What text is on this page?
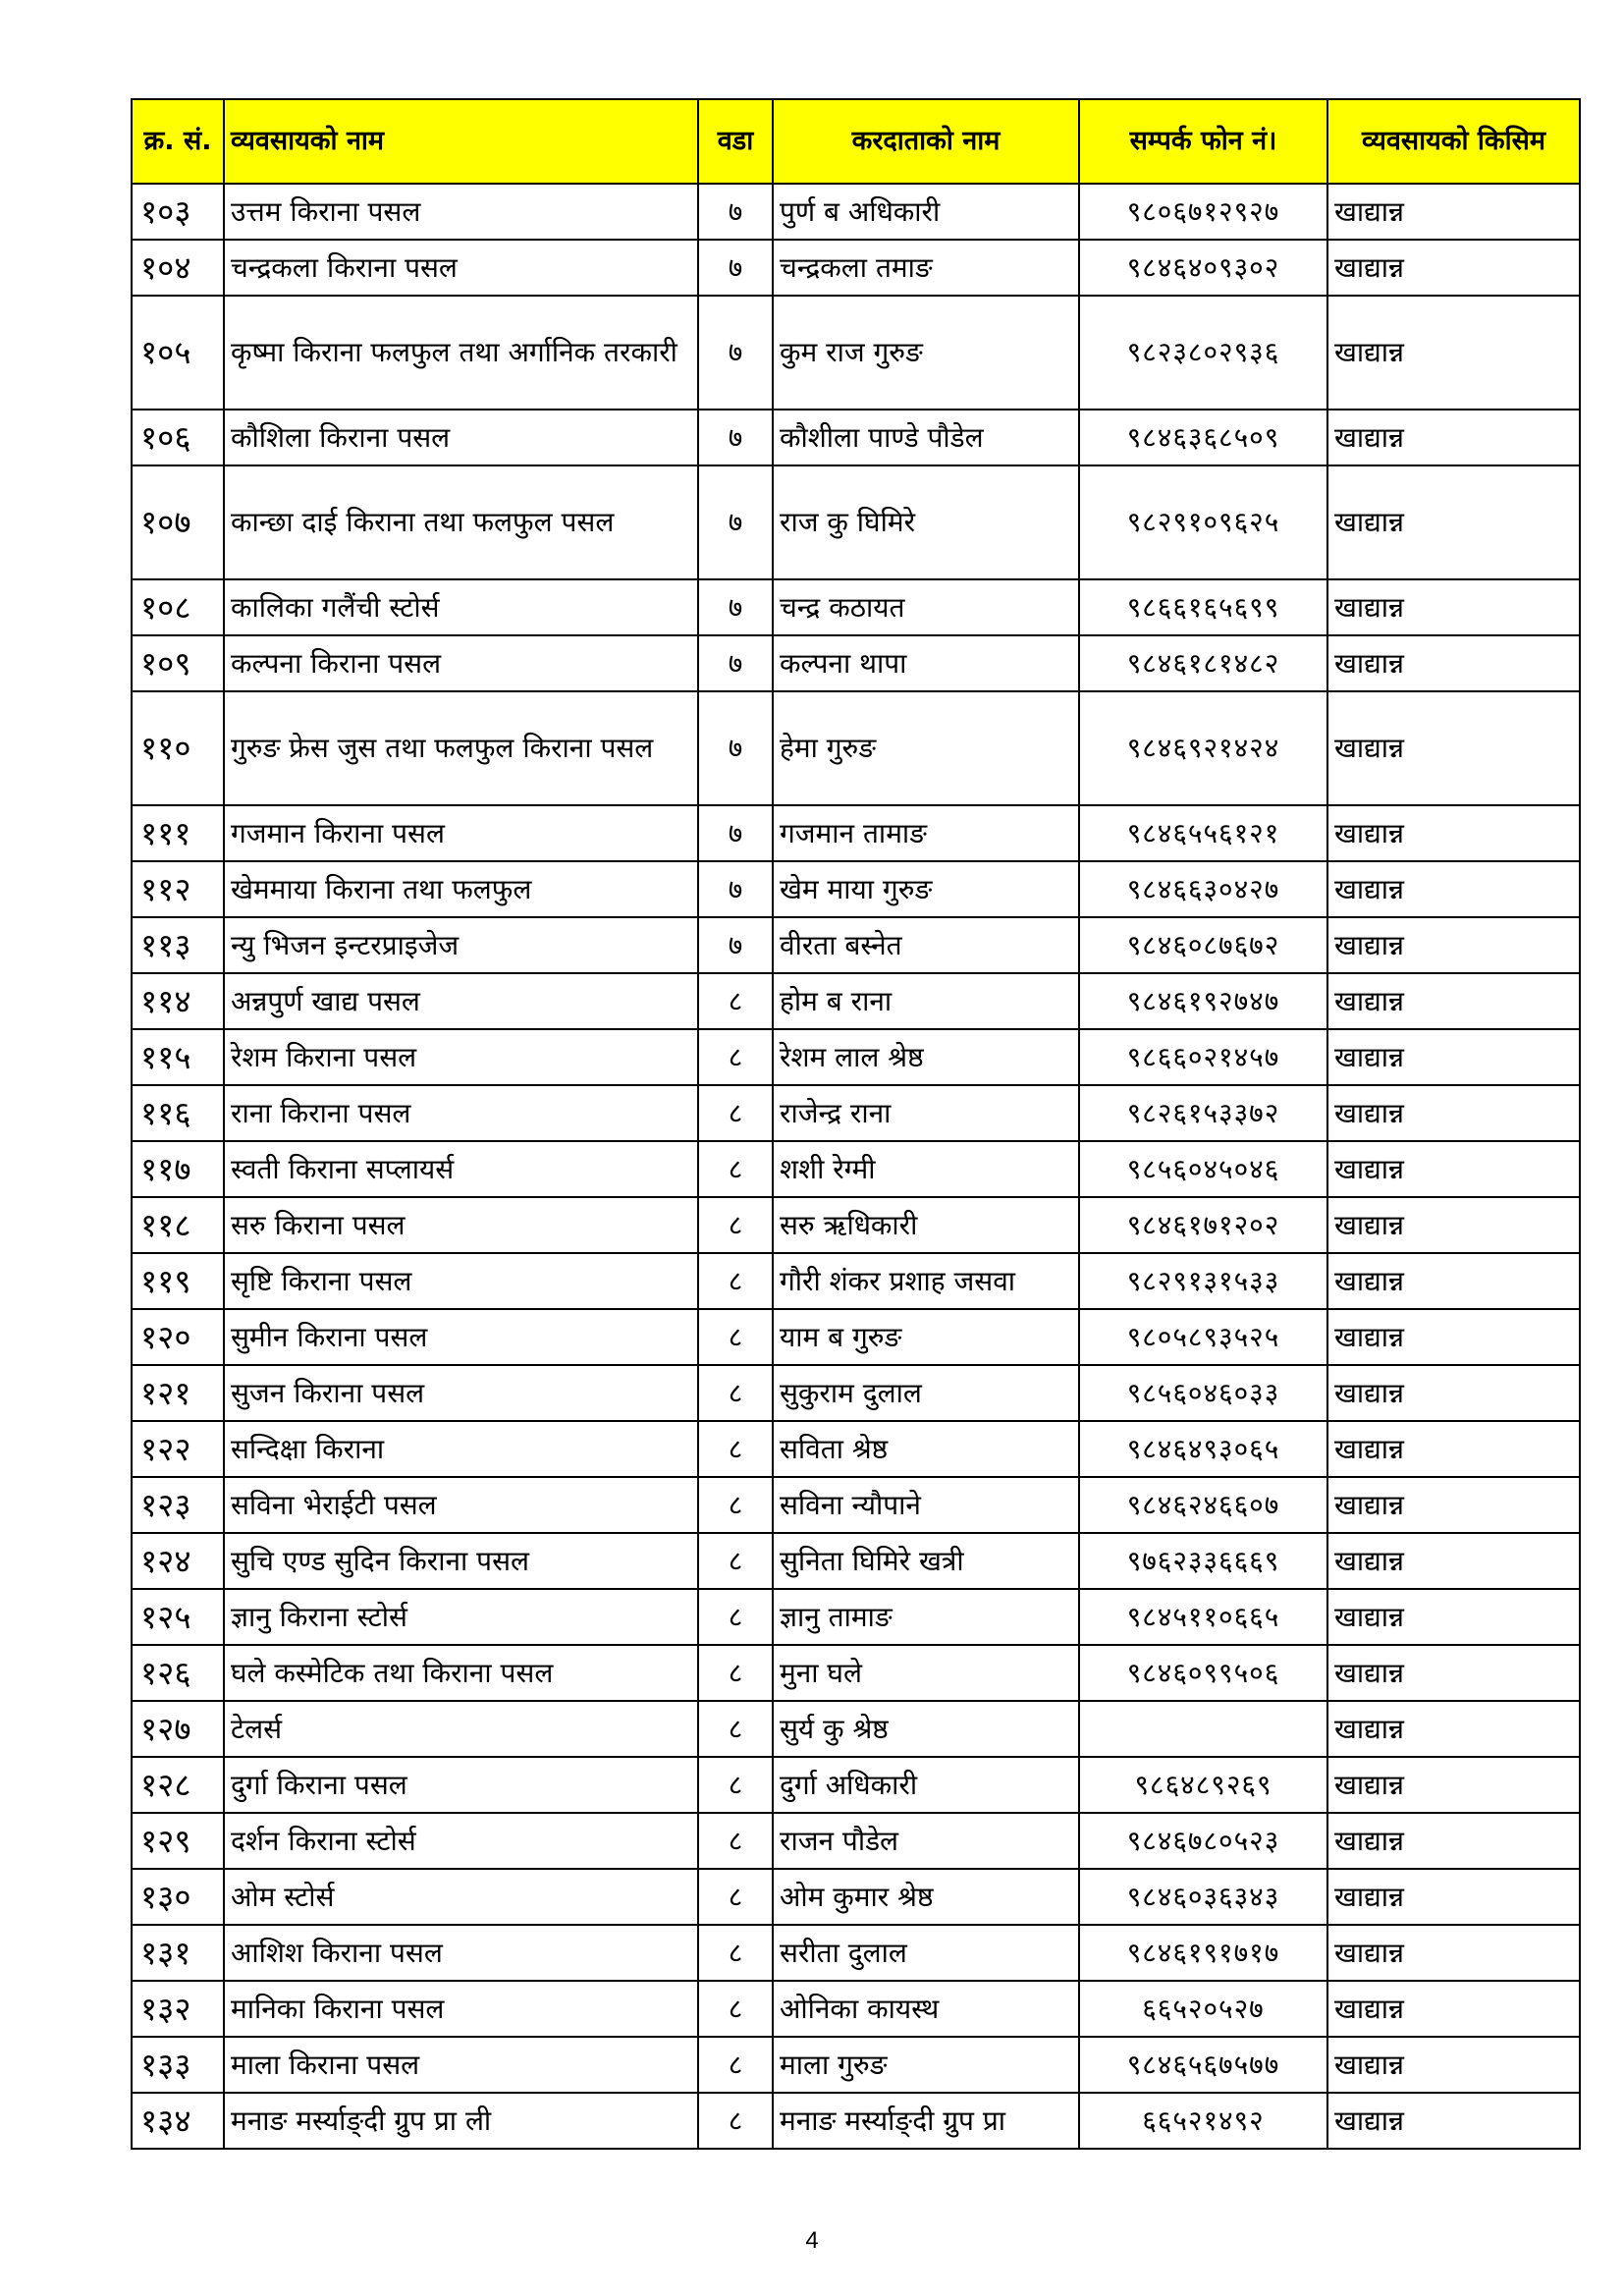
क्र. सं.	व्यवसायको नाम	वडा	करदाताको नाम	सम्पर्क फोन नं।	व्यवसायको किसिम
१०३	उत्तम किराना पसल	७	पुर्ण ब अधिकारी	९८०६७१२९२७	खाद्यान्न
१०४	चन्द्रकला किराना पसल	७	चन्द्रकला तमाङ	९८४६४०९३०२	खाद्यान्न
१०५	कृष्मा किराना फलफुल तथा अर्गानिक तरकारी	७	कुम राज गुरुङ	९८२३८०२९३६	खाद्यान्न
१०६	कौशिला किराना पसल	७	कौशीला पाण्डे पौडेल	९८४६३६८५०९	खाद्यान्न
१०७	कान्छा दाई किराना तथा फलफुल पसल	७	राज कु घिमिरे	९८२९१०९६२५	खाद्यान्न
१०८	कालिका गलैंची स्टोर्स	७	चन्द्र कठायत	९८६६१६५६९९	खाद्यान्न
१०९	कल्पना किराना पसल	७	कल्पना थापा	९८४६१८१४८२	खाद्यान्न
११०	गुरुङ फ्रेस जुस तथा फलफुल किराना पसल	७	हेमा गुरुङ	९८४६९२१४२४	खाद्यान्न
१११	गजमान किराना पसल	७	गजमान तामाङ	९८४६५५६१२१	खाद्यान्न
११२	खेममाया किराना तथा फलफुल	७	खेम माया गुरुङ	९८४६६३०४२७	खाद्यान्न
११३	न्यु भिजन इन्टरप्राइजेज	७	वीरता बस्नेत	९८४६०८७६७२	खाद्यान्न
११४	अन्नपुर्ण खाद्य पसल	८	होम ब राना	९८४६१९२७४७	खाद्यान्न
११५	रेशम किराना पसल	८	रेशम लाल श्रेष्ठ	९८६६०२१४५७	खाद्यान्न
११६	राना किराना पसल	८	राजेन्द्र राना	९८२६१५३३७२	खाद्यान्न
११७	स्वती किराना सप्लायर्स	८	शशी रेग्मी	९८५६०४५०४६	खाद्यान्न
११८	सरु किराना पसल	८	सरु ऋधिकारी	९८४६१७१२०२	खाद्यान्न
११९	सृष्टि किराना पसल	८	गौरी शंकर प्रशाह जसवा	९८२९१३१५३३	खाद्यान्न
१२०	सुमीन किराना पसल	८	याम ब गुरुङ	९८०५८९३५२५	खाद्यान्न
१२१	सुजन किराना पसल	८	सुकुराम दुलाल	९८५६०४६०३३	खाद्यान्न
१२२	सन्दिक्षा किराना	८	सविता श्रेष्ठ	९८४६४९३०६५	खाद्यान्न
१२३	सविना भेराईटी पसल	८	सविना न्यौपाने	९८४६२४६६०७	खाद्यान्न
१२४	सुचि एण्ड सुदिन किराना पसल	८	सुनिता घिमिरे खत्री	९७६२३३६६६९	खाद्यान्न
१२५	ज्ञानु किराना स्टोर्स	८	ज्ञानु तामाङ	९८४५११०६६५	खाद्यान्न
१२६	घले कस्मेटिक तथा किराना पसल	८	मुना घले	९८४६०९९५०६	खाद्यान्न
१२७	टेलर्स	८	सुर्य कु श्रेष्ठ		खाद्यान्न
१२८	दुर्गा किराना पसल	८	दुर्गा अधिकारी	९८६४८९२६९	खाद्यान्न
१२९	दर्शन किराना स्टोर्स	८	राजन पौडेल	९८४६७८०५२३	खाद्यान्न
१३०	ओम स्टोर्स	८	ओम कुमार श्रेष्ठ	९८४६०३६३४३	खाद्यान्न
१३१	आशिश किराना पसल	८	सरीता दुलाल	९८४६१९१७१७	खाद्यान्न
१३२	मानिका किराना पसल	८	ओनिका कायस्थ	६६५२०५२७	खाद्यान्न
१३३	माला किराना पसल	८	माला गुरुङ	९८४६५६७५७७	खाद्यान्न
१३४	मनाङ मर्स्याङ्दी ग्रुप प्रा ली	८	मनाङ मर्स्याङ्दी ग्रुप प्रा	६६५२१४९२	खाद्यान्न
4
